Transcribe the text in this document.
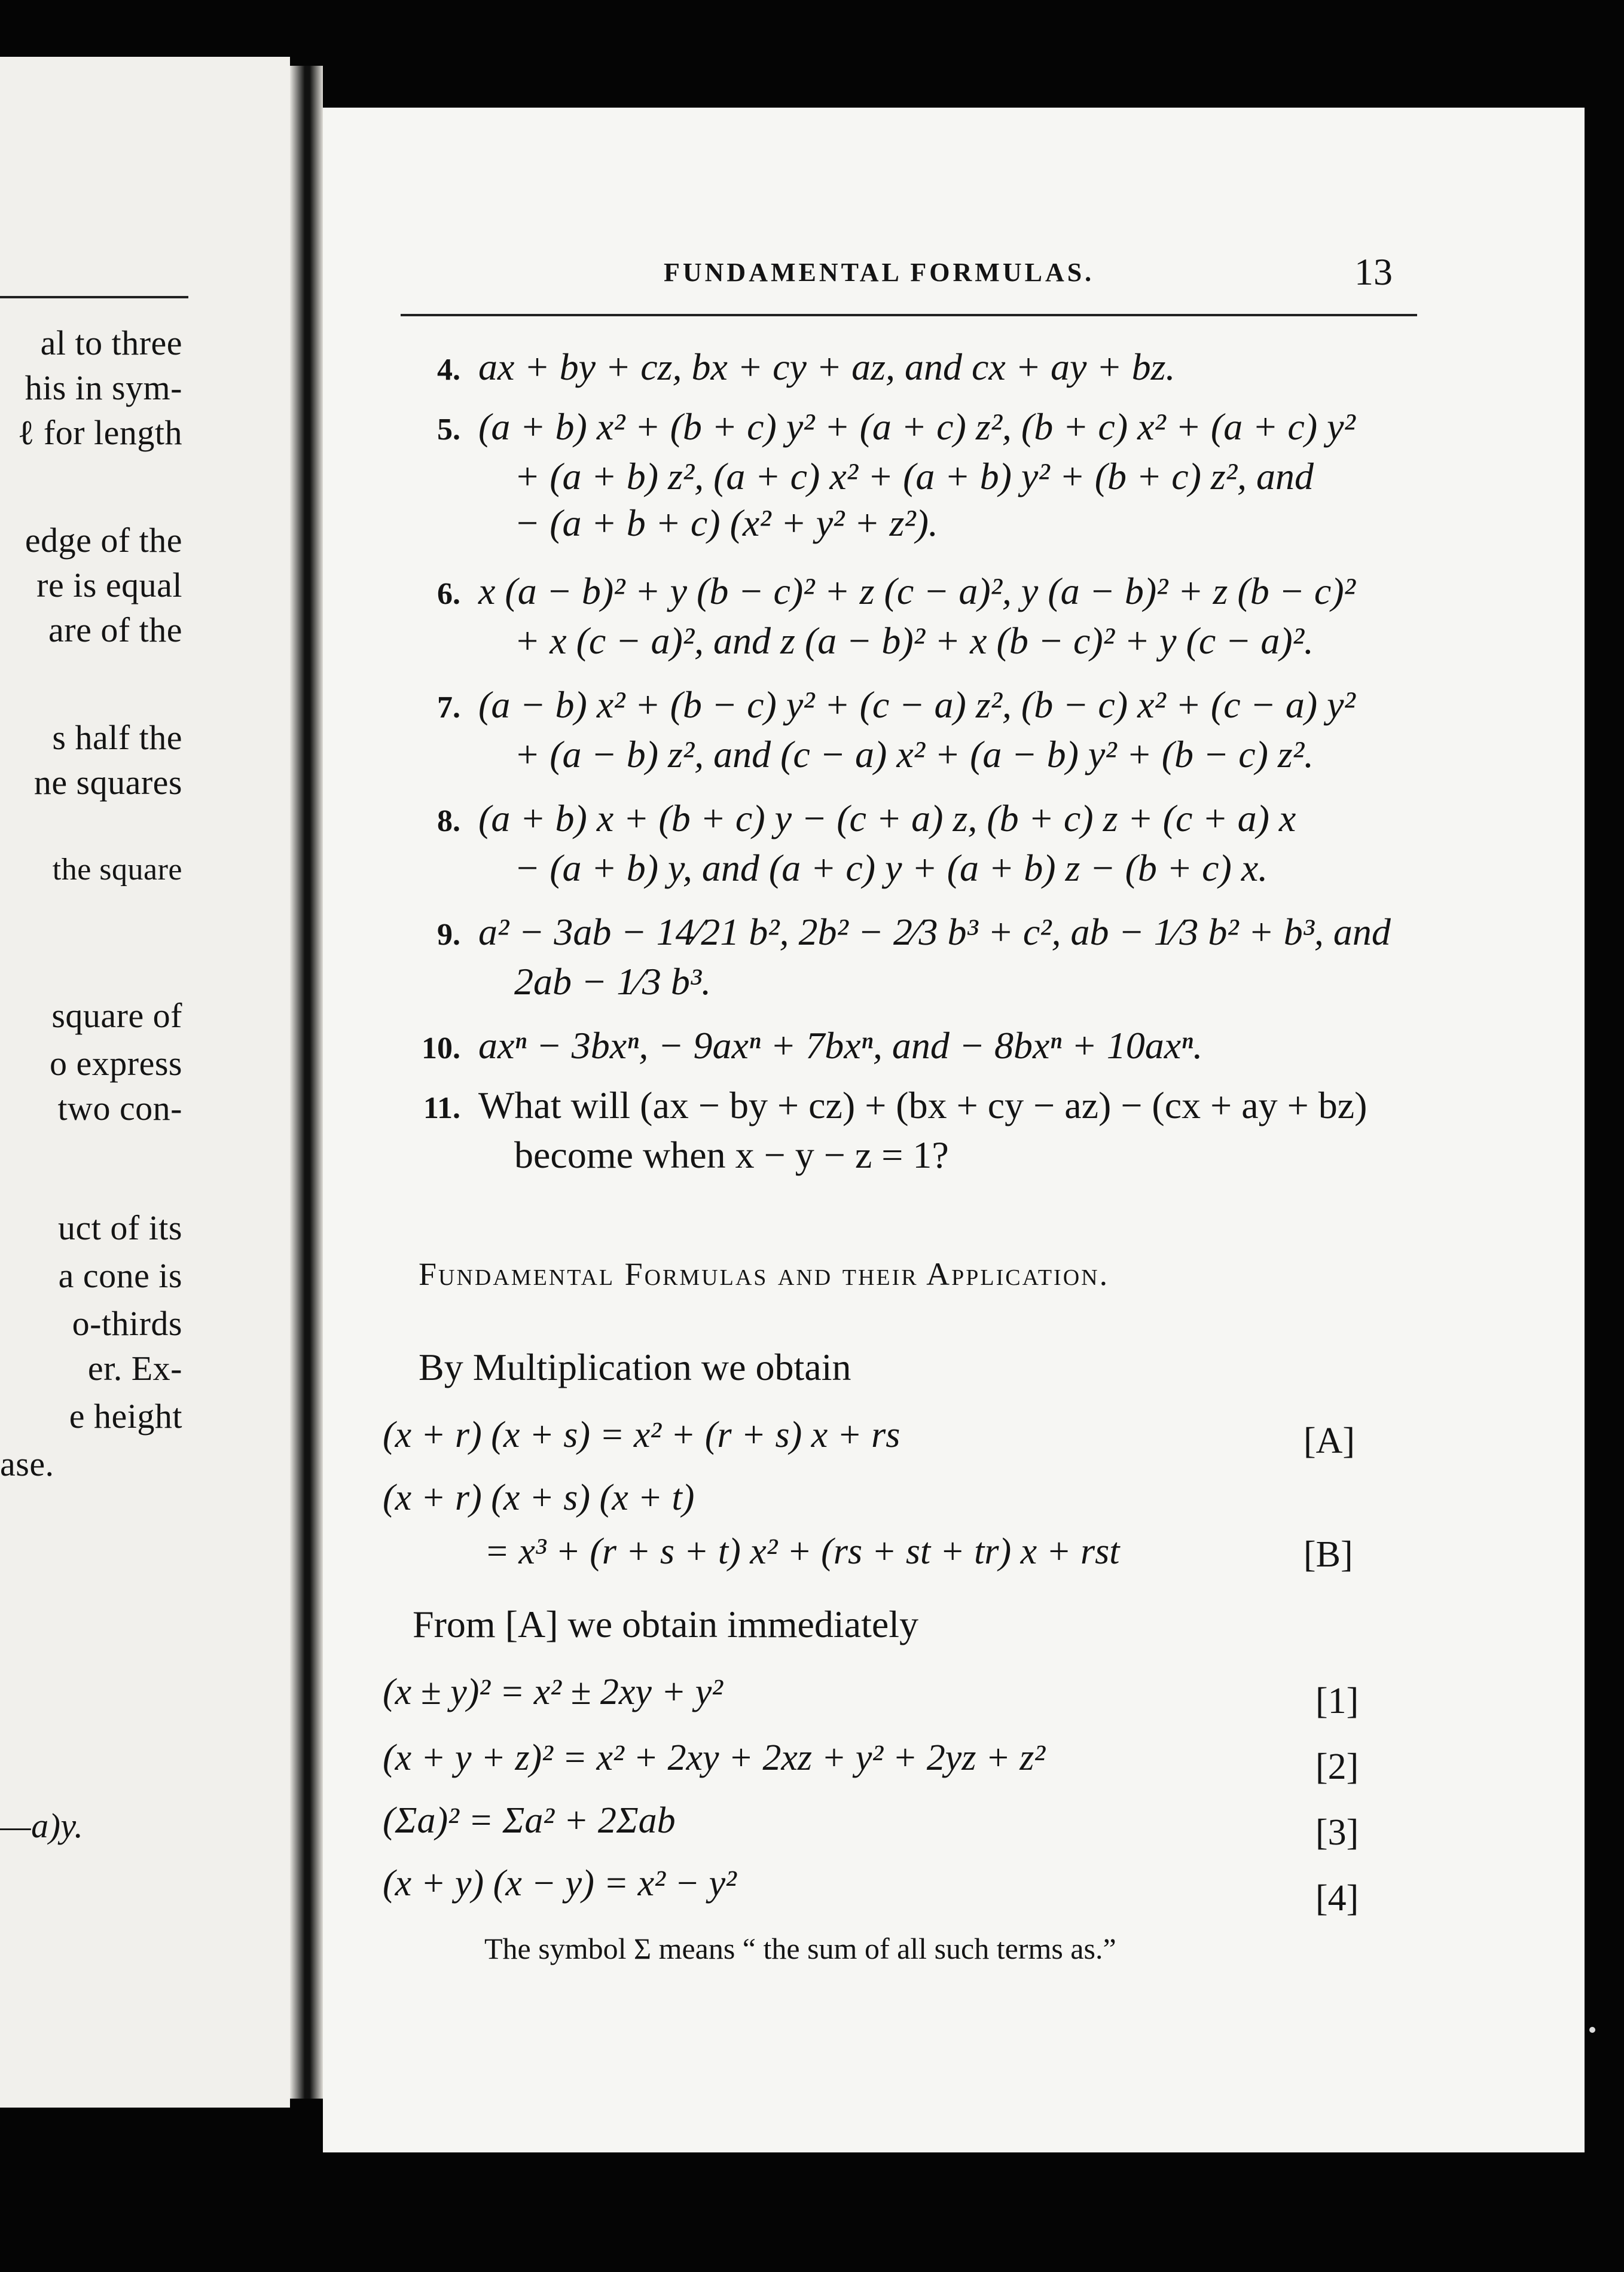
al to three
his in sym-
ℓ for length
edge of the
re is equal
are of the
s half the
ne squares
the square
square of
o express
two con-
uct of its
a cone is
o-thirds
er. Ex-
e height
ase.
—a)y.
FUNDAMENTAL FORMULAS.	13
4. ax + by + cz, bx + cy + az, and cx + ay + bz.
5. (a + b) x² + (b + c) y² + (a + c) z², (b + c) x² + (a + c) y²
+ (a + b) z², (a + c) x² + (a + b) y² + (b + c) z², and
− (a + b + c) (x² + y² + z²).
6. x (a − b)² + y (b − c)² + z (c − a)², y (a − b)² + z (b − c)²
+ x (c − a)², and z (a − b)² + x (b − c)² + y (c − a)².
7. (a − b) x² + (b − c) y² + (c − a) z², (b − c) x² + (c − a) y²
+ (a − b) z², and (c − a) x² + (a − b) y² + (b − c) z².
8. (a + b) x + (b + c) y − (c + a) z, (b + c) z + (c + a) x
− (a + b) y, and (a + c) y + (a + b) z − (b + c) x.
9. a² − 3ab − 14⁄21 b², 2b² − 2⁄3 b³ + c², ab − 1⁄3 b² + b³, and
2ab − 1⁄3 b³.
10. axⁿ − 3bxⁿ, − 9axⁿ + 7bxⁿ, and − 8bxⁿ + 10axⁿ.
11. What will (ax − by + cz) + (bx + cy − az) − (cx + ay + bz)
become when x − y − z = 1?
Fundamental Formulas and their Application.
By Multiplication we obtain
(x + r) (x + s) = x² + (r + s) x + rs	[A]
(x + r) (x + s) (x + t)
= x³ + (r + s + t) x² + (rs + st + tr) x + rst	[B]
From [A] we obtain immediately
(x ± y)² = x² ± 2xy + y²	[1]
(x + y + z)² = x² + 2xy + 2xz + y² + 2yz + z²	[2]
(Σa)² = Σa² + 2Σab	[3]
(x + y) (x − y) = x² − y²	[4]
The symbol Σ means “ the sum of all such terms as.”
